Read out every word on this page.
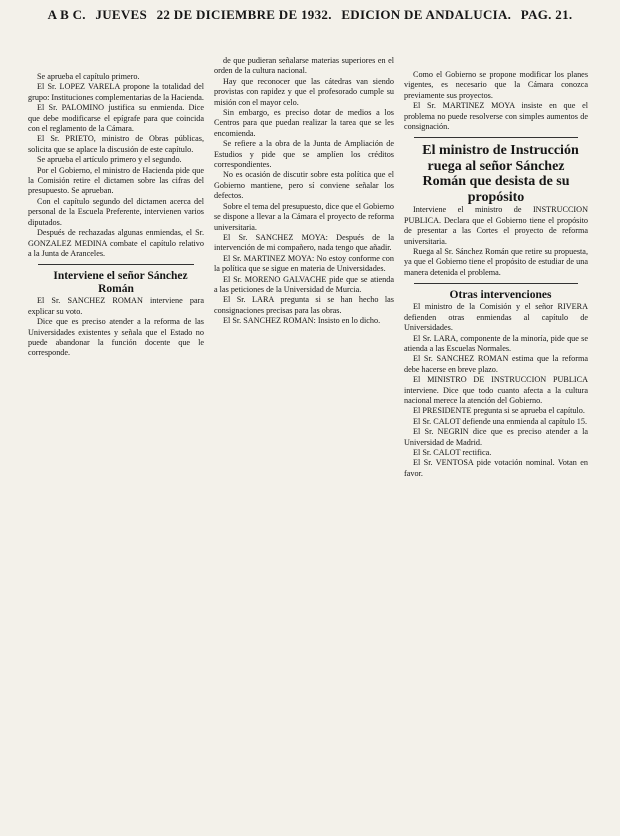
A B C. JUEVES 22 DE DICIEMBRE DE 1932. EDICION DE ANDALUCIA. PAG. 21.

Se aprueba el capítulo primero.

El Sr. LOPEZ VARELA propone la totalidad del grupo: Instituciones complementarias de la Hacienda.

El Sr. PALOMINO justifica su enmienda. Dice que debe modificarse el epígrafe para que coincida con el reglamento de la Cámara.

El Sr. PRIETO, ministro de Obras públicas, solicita que se aplace la discusión de este capítulo.

Se aprueba el artículo primero y el segundo.

Por el Gobierno, el ministro de Hacienda pide que la Comisión retire el dictamen sobre las cifras del presupuesto. Se aprueban.

Con el capítulo segundo del dictamen acerca del personal de la Escuela Preferente, intervienen varios diputados.

Después de rechazadas algunas enmiendas, el Sr. GONZALEZ MEDINA combate el capítulo relativo a la Junta de Aranceles.

Interviene el señor Sánchez Román

El Sr. SANCHEZ ROMAN interviene para explicar su voto.

Dice que es preciso atender a la reforma de las Universidades existentes y señala que el Estado no puede abandonar la función docente que le corresponde.

de que pudieran señalarse materias superiores en el orden de la cultura nacional.

Hay que reconocer que las cátedras van siendo provistas con rapidez y que el profesorado cumple su misión con el mayor celo.

Sin embargo, es preciso dotar de medios a los Centros para que puedan realizar la tarea que se les encomienda.

Se refiere a la obra de la Junta de Ampliación de Estudios y pide que se amplíen los créditos correspondientes.

No es ocasión de discutir sobre esta política que el Gobierno mantiene, pero sí conviene señalar los defectos.

Sobre el tema del presupuesto, dice que el Gobierno se dispone a llevar a la Cámara el proyecto de reforma universitaria.

El Sr. SANCHEZ MOYA: Después de la intervención de mi compañero, nada tengo que añadir.

El Sr. MARTINEZ MOYA: No estoy conforme con la política que se sigue en materia de Universidades.

El Sr. MORENO GALVACHE pide que se atienda a las peticiones de la Universidad de Murcia.

El Sr. LARA pregunta si se han hecho las consignaciones precisas para las obras.

El Sr. SANCHEZ ROMAN: Insisto en lo dicho.

Como el Gobierno se propone modificar los planes vigentes, es necesario que la Cámara conozca previamente sus proyectos.

El Sr. MARTINEZ MOYA insiste en que el problema no puede resolverse con simples aumentos de consignación.

El ministro de Instrucción ruega al señor Sánchez Román que desista de su propósito

Interviene el ministro de INSTRUCCION PUBLICA. Declara que el Gobierno tiene el propósito de presentar a las Cortes el proyecto de reforma universitaria.

Ruega al Sr. Sánchez Román que retire su propuesta, ya que el Gobierno tiene el propósito de estudiar de una manera detenida el problema.

Otras intervenciones

El ministro de la Comisión y el señor RIVERA defienden otras enmiendas al capítulo de Universidades.

El Sr. LARA, componente de la minoría, pide que se atienda a las Escuelas Normales.

El Sr. SANCHEZ ROMAN estima que la reforma debe hacerse en breve plazo.

El MINISTRO DE INSTRUCCION PUBLICA interviene. Dice que todo cuanto afecta a la cultura nacional merece la atención del Gobierno.

El PRESIDENTE pregunta si se aprueba el capítulo.

El Sr. CALOT defiende una enmienda al capítulo 15.

El Sr. NEGRIN dice que es preciso atender a la Universidad de Madrid.

El Sr. CALOT rectifica.

El Sr. VENTOSA pide votación nominal. Votan en favor.
